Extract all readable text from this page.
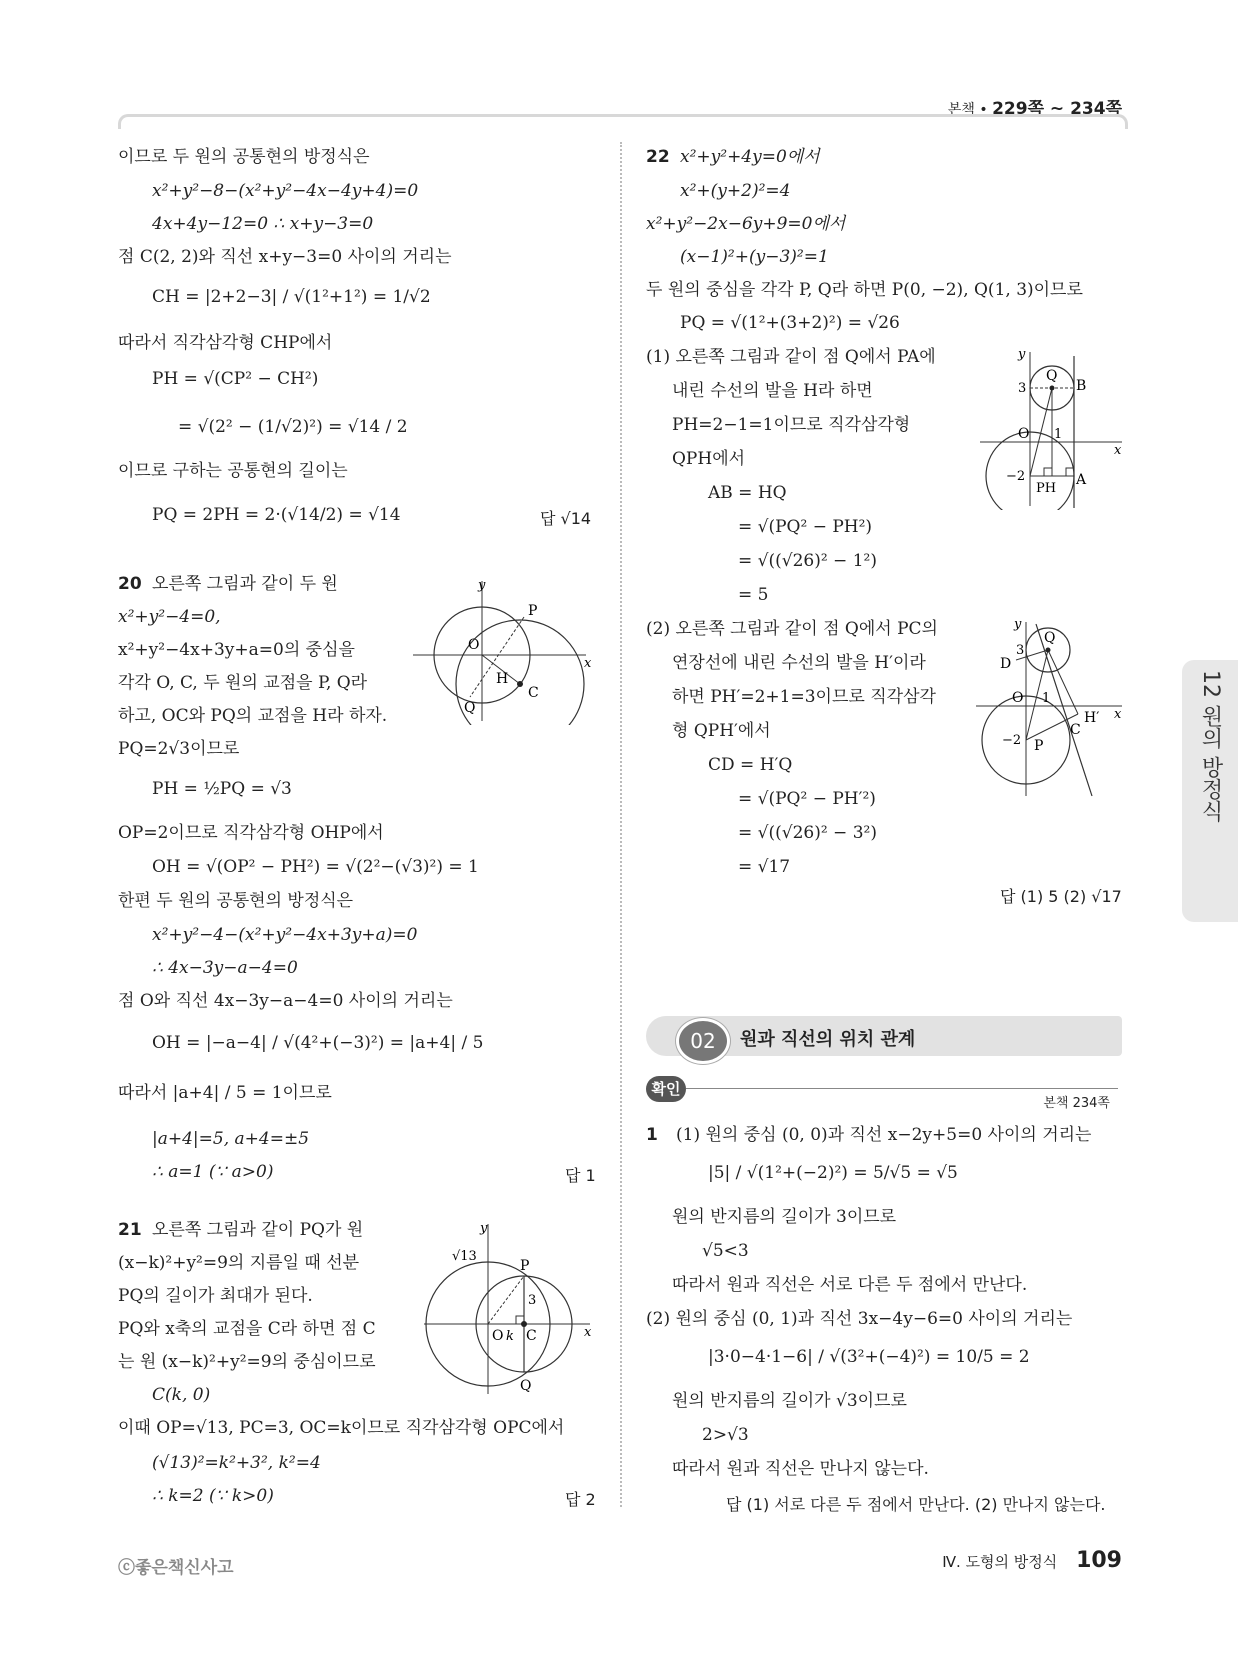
본책 • 229쪽 ~ 234쪽
12 원의 방정식
이므로 두 원의 공통현의 방정식은
x²+y²−8−(x²+y²−4x−4y+4)=0
4x+4y−12=0 ∴ x+y−3=0
점 C(2, 2)와 직선 x+y−3=0 사이의 거리는
CH = |2+2−3| / √(1²+1²) = 1/√2
따라서 직각삼각형 CHP에서
PH = √(CP² − CH²)
= √(2² − (1/√2)²) = √14 / 2
이므로 구하는 공통현의 길이는
PQ = 2PH = 2·(√14/2) = √14	답 √14
20 오른쪽 그림과 같이 두 원
x²+y²−4=0,
x²+y²−4x+3y+a=0의 중심을
각각 O, C, 두 원의 교점을 P, Q라
하고, OC와 PQ의 교점을 H라 하자.
PQ=2√3이므로
PH = ½PQ = √3
OP=2이므로 직각삼각형 OHP에서
OH = √(OP² − PH²) = √(2²−(√3)²) = 1
한편 두 원의 공통현의 방정식은
x²+y²−4−(x²+y²−4x+3y+a)=0
∴ 4x−3y−a−4=0
점 O와 직선 4x−3y−a−4=0 사이의 거리는
OH = |−a−4| / √(4²+(−3)²) = |a+4| / 5
따라서 |a+4| / 5 = 1이므로
|a+4|=5, a+4=±5
∴ a=1 (∵ a>0)	답 1
y
x
O
P
Q
H
C
21 오른쪽 그림과 같이 PQ가 원
(x−k)²+y²=9의 지름일 때 선분
PQ의 길이가 최대가 된다.
PQ와 x축의 교점을 C라 하면 점 C
는 원 (x−k)²+y²=9의 중심이므로
C(k, 0)
이때 OP=√13, PC=3, OC=k이므로 직각삼각형 OPC에서
(√13)²=k²+3², k²=4
∴ k=2 (∵ k>0)	답 2
y
x
√13
P
Q
O k C
3
22 x²+y²+4y=0에서
x²+(y+2)²=4
x²+y²−2x−6y+9=0에서
(x−1)²+(y−3)²=1
두 원의 중심을 각각 P, Q라 하면 P(0, −2), Q(1, 3)이므로
PQ = √(1²+(3+2)²) = √26
(1) 오른쪽 그림과 같이 점 Q에서 PA에
내린 수선의 발을 H라 하면
PH=2−1=1이므로 직각삼각형
QPH에서
AB = HQ
= √(PQ² − PH²)
= √((√26)² − 1²)
= 5
(2) 오른쪽 그림과 같이 점 Q에서 PC의
연장선에 내린 수선의 발을 H′이라
하면 PH′=2+1=3이므로 직각삼각
형 QPH′에서
CD = H′Q
= √(PQ² − PH′²)
= √((√26)² − 3²)
= √17
답 (1) 5 (2) √17
y
x
Q
B
3
O 1
−2
PH
A
y
x
Q
D
3
O 1
−2 P
C
H′
02	원과 직선의 위치 관계
확인
본책 234쪽
1 (1) 원의 중심 (0, 0)과 직선 x−2y+5=0 사이의 거리는
|5| / √(1²+(−2)²) = 5/√5 = √5
원의 반지름의 길이가 3이므로
√5<3
따라서 원과 직선은 서로 다른 두 점에서 만난다.
(2) 원의 중심 (0, 1)과 직선 3x−4y−6=0 사이의 거리는
|3·0−4·1−6| / √(3²+(−4)²) = 10/5 = 2
원의 반지름의 길이가 √3이므로
2>√3
따라서 원과 직선은 만나지 않는다.
답 (1) 서로 다른 두 점에서 만난다. (2) 만나지 않는다.
ⓒ좋은책신사고	Ⅳ. 도형의 방정식 109
